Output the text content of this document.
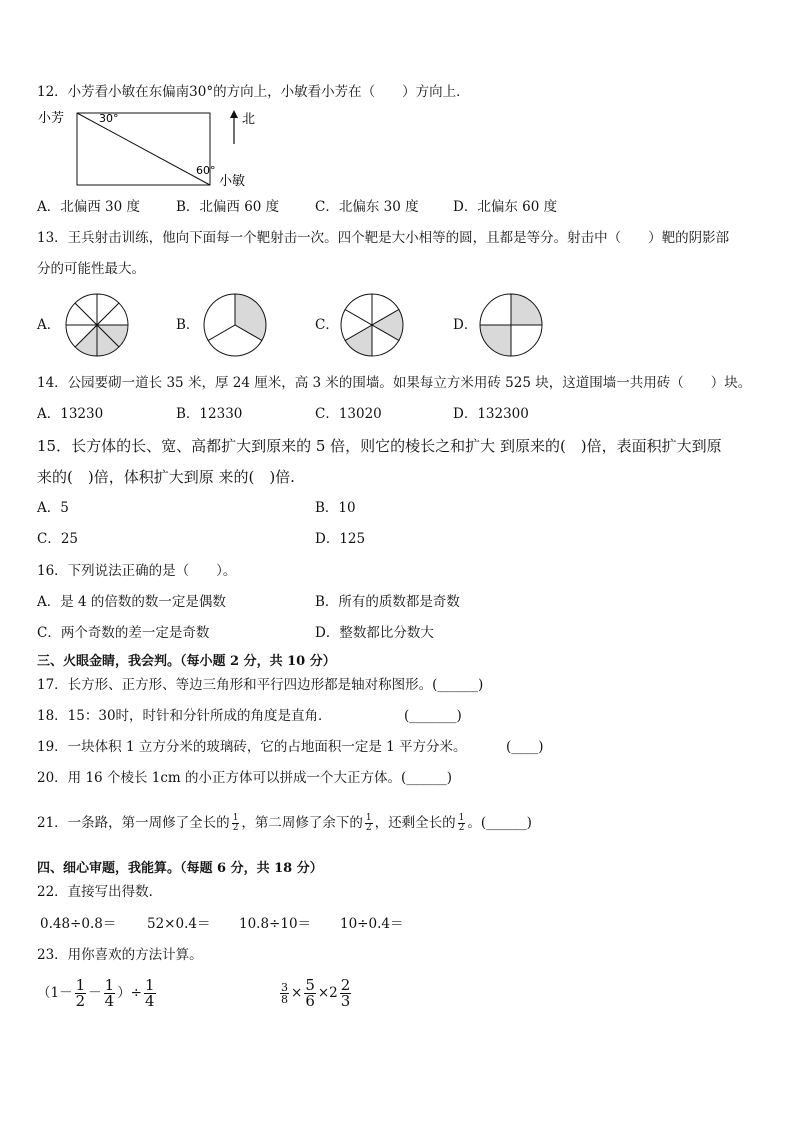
12．小芳看小敏在东偏南30°的方向上，小敏看小芳在（　　）方向上．
小芳	30°
60°
小敏
北
A．北偏西 30 度	B．北偏西 60 度	C．北偏东 30 度	D．北偏东 60 度
13．王兵射击训练，他向下面每一个靶射击一次。四个靶是大小相等的圆，且都是等分。射击中（　　）靶的阴影部
分的可能性最大。
A．	B．	C．	D．
14．公园要砌一道长 35 米，厚 24 厘米，高 3 米的围墙。如果每立方米用砖 525 块，这道围墙一共用砖（　　）块。
A．13230	B．12330	C．13020	D．132300
15．长方体的长、宽、高都扩大到原来的 5 倍，则它的棱长之和扩大 到原来的(　)倍，表面积扩大到原
来的(　)倍，体积扩大到原 来的(　)倍.
A．5	B．10
C．25	D．125
16．下列说法正确的是（　　）。
A．是 4 的倍数的数一定是偶数	B．所有的质数都是奇数
C．两个奇数的差一定是奇数	D．整数都比分数大
三、火眼金睛，我会判。（每小题 2 分，共 10 分）
17．长方形、正方形、等边三角形和平行四边形都是轴对称图形。(______)
18．15：30时，时针和分针所成的角度是直角．	(_______)
19．一块体积 1 立方分米的玻璃砖，它的占地面积一定是 1 平方分米。	(____)
20．用 16 个棱长 1cm 的小正方体可以拼成一个大正方体。(______)
21．一条路，第一周修了全长的 $\frac{1}{2}$ ，第二周修了余下的 $\frac{1}{2}$ ，还剩全长的 $\frac{1}{2}$ 。(______)
四、细心审题，我能算。（每题 6 分，共 18 分）
22．直接写出得数．
0.48÷0.8＝ 52×0.4＝ 10.8÷10＝ 10÷0.4＝
23．用你喜欢的方法计算。
（$1- \frac{1}{2} - \frac{1}{4}$ ）÷ $\frac{1}{4}$	$\frac{3}{8} \times \frac{5}{6} \times 2 \frac{2}{3}$
